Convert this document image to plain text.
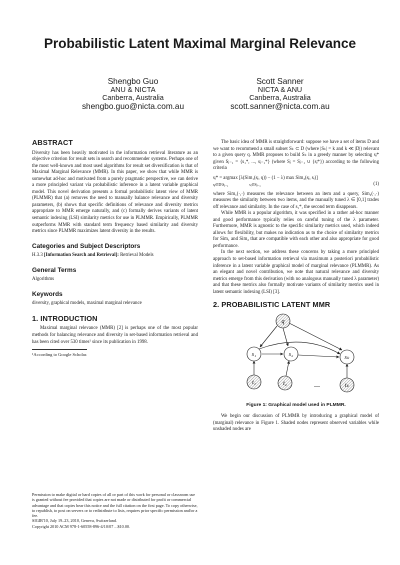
Probabilistic Latent Maximal Marginal Relevance
Shengbo Guo
ANU & NICTA
Canberra, Australia
shengbo.guo@nicta.com.au
Scott Sanner
NICTA & ANU
Canberra, Australia
scott.sanner@nicta.com.au
ABSTRACT

Diversity has been heavily motivated in the information retrieval literature as an objective criterion for result sets in search and recommender systems. Perhaps one of the most well-known and most used algorithms for result set diversification is that of Maximal Marginal Relevance (MMR). In this paper, we show that while MMR is somewhat ad-hoc and motivated from a purely pragmatic perspective, we can derive a more principled variant via probabilistic inference in a latent variable graphical model. This novel derivation presents a formal probabilistic latent view of MMR (PLMMR) that (a) removes the need to manually balance relevance and diversity parameters, (b) shows that specific definitions of relevance and diversity metrics appropriate to MMR emerge naturally, and (c) formally derives variants of latent semantic indexing (LSI) similarity metrics for use in PLMMR. Empirically, PLMMR outperforms MMR with standard term frequency based similarity and diversity metrics since PLMMR maximizes latent diversity in the results.

Categories and Subject Descriptors

H.3.3 [Information Search and Retrieval]: Retrieval Models

General Terms

Algorithms

Keywords

diversity, graphical models, maximal marginal relevance

1. INTRODUCTION

Maximal marginal relevance (MMR) [2] is perhaps one of the most popular methods for balancing relevance and diversity in set-based information retrieval and has been cited over 530 times¹ since its publication in 1998.

¹According to Google Scholar.

Permission to make digital or hard copies of all or part of this work for personal or classroom use is granted without fee provided that copies are not made or distributed for profit or commercial advantage and that copies bear this notice and the full citation on the first page. To copy otherwise, to republish, to post on servers or to redistribute to lists, requires prior specific permission and/or a fee.

SIGIR'10, July 19–23, 2010, Geneva, Switzerland.

Copyright 2010 ACM 978-1-60558-896-4/10/07 ...$10.00.

The basic idea of MMR is straightforward: suppose we have a set of items D and we want to recommend a small subset Sₖ ⊂ D (where |Sₖ| = k and k ≪ |D|) relevant to a given query q. MMR proposes to build Sₖ in a greedy manner by selecting sⱼ* given Sⱼ₋₁ = {s₁*, ..., sⱼ₋₁*} (where Sⱼ = Sⱼ₋₁ ∪ {sⱼ*}) according to the following criteria

sⱼ* = argmax [λ(Sim₁(sⱼ, q)) − (1 − λ) max Sim₂(sⱼ, sᵢ)]
sⱼ∈D\Sⱼ₋₁	sᵢ∈Sⱼ₋₁	(1)

where Sim₁(·,·) measures the relevance between an item and a query, Sim₂(·,·) measures the similarity between two items, and the manually tuned λ ∈ [0,1] trades off relevance and similarity. In the case of s₁*, the second term disappears.

While MMR is a popular algorithm, it was specified in a rather ad-hoc manner and good performance typically relies on careful tuning of the λ parameter. Furthermore, MMR is agnostic to the specific similarity metrics used, which indeed allows for flexibility, but makes no indication as to the choice of similarity metrics for Sim₁ and Sim₂ that are compatible with each other and also appropriate for good performance.

In the next section, we address these concerns by taking a more principled approach to set-based information retrieval via maximum a posteriori probabilistic inference in a latent variable graphical model of marginal relevance (PLMMR). As an elegant and novel contribution, we note that natural relevance and diversity metrics emerge from this derivation (with no analogous manually tuned λ parameter) and that these metrics also formally motivate variants of similarity metrics used in latent semantic indexing (LSI) [3].

2. PROBABILISTIC LATENT MMR
q
s₁	s₂	sₖ
t₁	t₂	tₖ
...
Figure 1: Graphical model used in PLMMR.

We begin our discussion of PLMMR by introducing a graphical model of (marginal) relevance in Figure 1. Shaded nodes represent observed variables while unshaded nodes are
